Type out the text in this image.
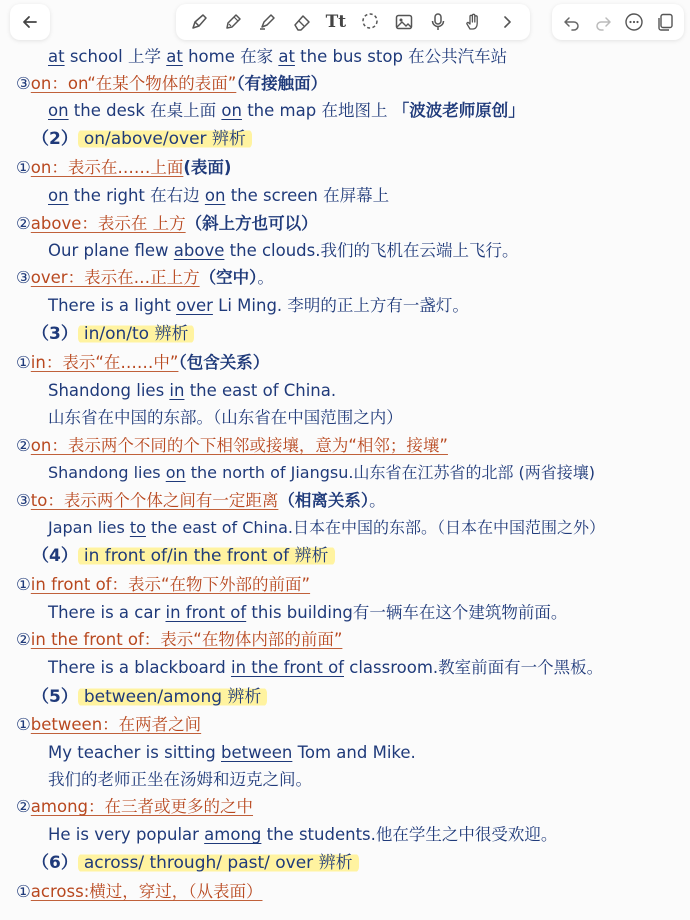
Tt
at school 上学 at home 在家 at the bus stop 在公共汽车站
③on：on“在某个物体的表面”（有接触面）
on the desk 在桌上面 on the map 在地图上 「波波老师原创」
（2） on/above/over 辨析
①on：表示在……上面(表面)
on the right 在右边 on the screen 在屏幕上
②above：表示在 上方（斜上方也可以）
Our plane flew above the clouds.我们的飞机在云端上飞行。
③over：表示在…正上方（空中）。
There is a light over Li Ming. 李明的正上方有一盏灯。
（3） in/on/to 辨析
①in：表示“在……中”（包含关系）
Shandong lies in the east of China.
山东省在中国的东部。（山东省在中国范围之内）
②on：表示两个不同的个下相邻或接壤，意为“相邻；接壤”
Shandong lies on the north of Jiangsu.山东省在江苏省的北部 (两省接壤)
③to：表示两个个体之间有一定距离（相离关系）。
Japan lies to the east of China.日本在中国的东部。（日本在中国范围之外）
（4） in front of/in the front of 辨析
①in front of：表示“在物下外部的前面”
There is a car in front of this building有一辆车在这个建筑物前面。
②in the front of：表示“在物体内部的前面”
There is a blackboard in the front of classroom.教室前面有一个黑板。
（5） between/among 辨析
①between：在两者之间
My teacher is sitting between Tom and Mike.
我们的老师正坐在汤姆和迈克之间。
②among：在三者或更多的之中
He is very popular among the students.他在学生之中很受欢迎。
（6） across/ through/ past/ over 辨析
①across:横过，穿过，（从表面）
